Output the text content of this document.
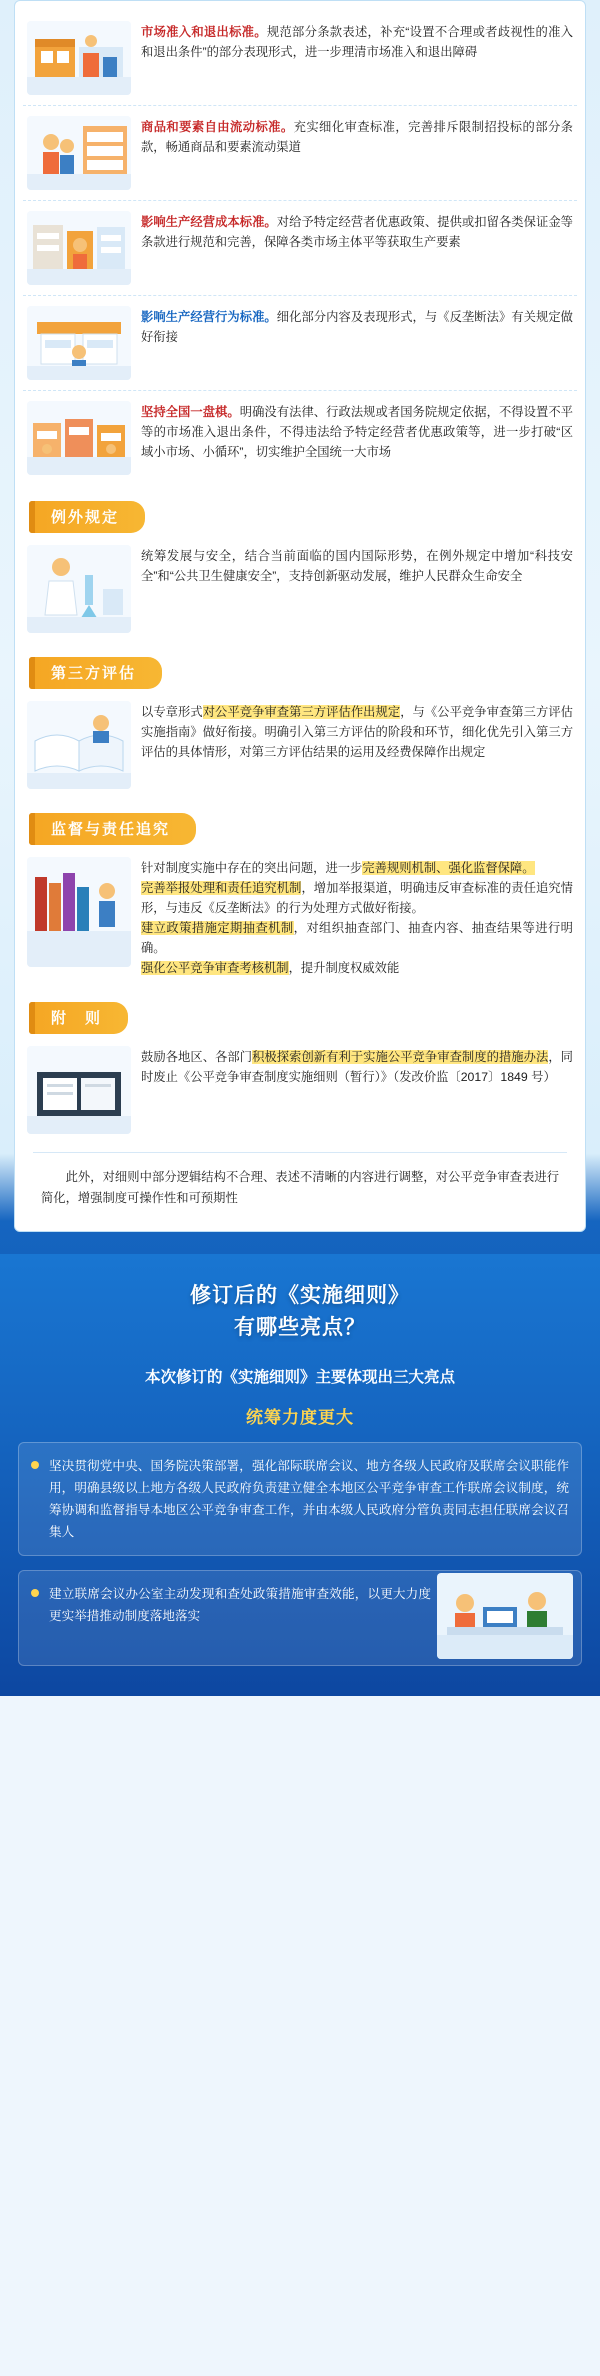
市场准入和退出标准。规范部分条款表述，补充“设置不合理或者歧视性的准入和退出条件”的部分表现形式，进一步理清市场准入和退出障碍
商品和要素自由流动标准。充实细化审查标准，完善排斥限制招投标的部分条款，畅通商品和要素流动渠道
影响生产经营成本标准。对给予特定经营者优惠政策、提供或扣留各类保证金等条款进行规范和完善，保障各类市场主体平等获取生产要素
影响生产经营行为标准。细化部分内容及表现形式，与《反垄断法》有关规定做好衔接
坚持全国一盘棋。明确没有法律、行政法规或者国务院规定依据，不得设置不平等的市场准入退出条件，不得违法给予特定经营者优惠政策等，进一步打破“区域小市场、小循环”，切实维护全国统一大市场
例外规定
统筹发展与安全，结合当前面临的国内国际形势，在例外规定中增加“科技安全”和“公共卫生健康安全”，支持创新驱动发展，维护人民群众生命安全
第三方评估
以专章形式对公平竞争审查第三方评估作出规定，与《公平竞争审查第三方评估实施指南》做好衔接。明确引入第三方评估的阶段和环节，细化优先引入第三方评估的具体情形，对第三方评估结果的运用及经费保障作出规定
监督与责任追究
针对制度实施中存在的突出问题，进一步完善规则机制、强化监督保障。
完善举报处理和责任追究机制，增加举报渠道，明确违反审查标准的责任追究情形，与违反《反垄断法》的行为处理方式做好衔接。
建立政策措施定期抽查机制，对组织抽查部门、抽查内容、抽查结果等进行明确。
强化公平竞争审查考核机制，提升制度权威效能
附　则
鼓励各地区、各部门积极探索创新有利于实施公平竞争审查制度的措施办法，同时废止《公平竞争审查制度实施细则（暂行）》（发改价监〔2017〕1849 号）
此外，对细则中部分逻辑结构不合理、表述不清晰的内容进行调整，对公平竞争审查表进行简化，增强制度可操作性和可预期性
修订后的《实施细则》
有哪些亮点？
本次修订的《实施细则》主要体现出三大亮点
统筹力度更大
坚决贯彻党中央、国务院决策部署，强化部际联席会议、地方各级人民政府及联席会议职能作用，明确县级以上地方各级人民政府负责建立健全本地区公平竞争审查工作联席会议制度，统筹协调和监督指导本地区公平竞争审查工作，并由本级人民政府分管负责同志担任联席会议召集人
建立联席会议办公室主动发现和查处政策措施审查效能，以更大力度更实举措推动制度落地落实
